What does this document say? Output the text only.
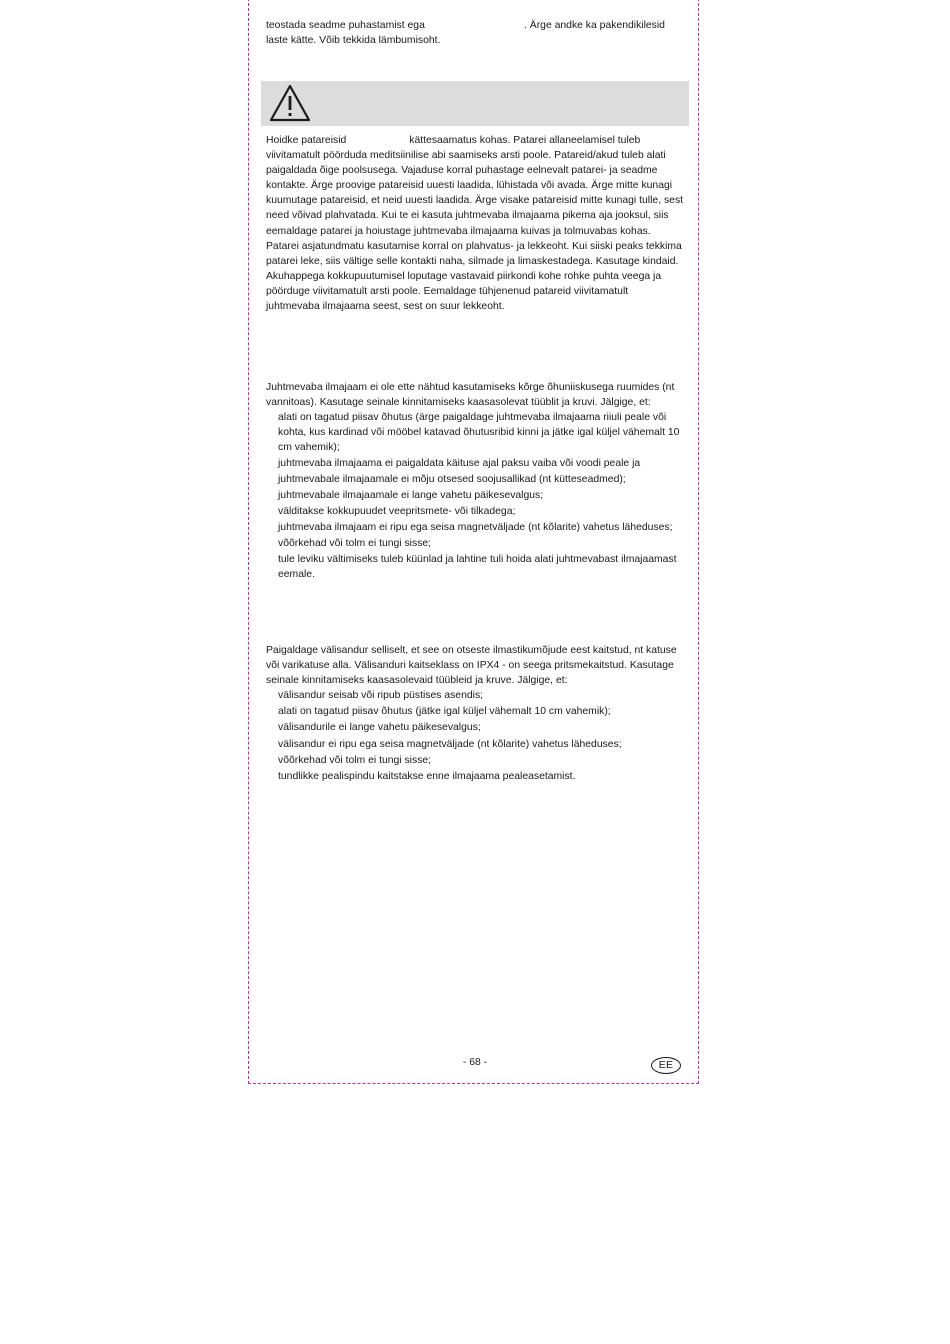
teostada seadme puhastamist ega	. Ärge andke ka pakendikilesid
laste kätte. Võib tekkida lämbumisoht.

Hoidke patareisid	kättesaamatus kohas. Patarei allaneelamisel tuleb viivitamatult pöörduda meditsiinilise abi saamiseks arsti poole. Patareid/akud tuleb alati paigaldada õige poolsusega. Vajaduse korral puhastage eelnevalt patarei- ja seadme kontakte. Ärge proovige patareisid uuesti laadida, lühistada või avada. Ärge mitte kunagi kuumutage patareisid, et neid uuesti laadida. Ärge visake patareisid mitte kunagi tulle, sest need võivad plahvatada. Kui te ei kasuta juhtmevaba ilmajaama pikema aja jooksul, siis eemaldage patarei ja hoiustage juhtmevaba ilmajaama kuivas ja tolmuvabas kohas. Patarei asjatundmatu kasutamise korral on plahvatus- ja lekkeoht. Kui siiski peaks tekkima patarei leke, siis vältige selle kontakti naha, silmade ja limaskestadega. Kasutage kindaid. Akuhappega kokkupuutumisel loputage vastavaid piirkondi kohe rohke puhta veega ja pöörduge viivitamatult arsti poole. Eemaldage tühjenenud patareid viivitamatult juhtmevaba ilmajaama seest, sest on suur lekkeoht.

Juhtmevaba ilmajaam ei ole ette nähtud kasutamiseks kõrge õhuniiskusega ruumides (nt vannitoas). Kasutage seinale kinnitamiseks kaasasolevat tüüblit ja kruvi. Jälgige, et:
alati on tagatud piisav õhutus (ärge paigaldage juhtmevaba ilmajaama riiuli peale või kohta, kus kardinad või mööbel katavad õhutusribid kinni ja jätke igal küljel vähemalt 10 cm vahemik);
juhtmevaba ilmajaama ei paigaldata käituse ajal paksu vaiba või voodi peale ja juhtmevabale ilmajaamale ei mõju otsesed soojusallikad (nt kütteseadmed);
juhtmevabale ilmajaamale ei lange vahetu päikesevalgus;
välditakse kokkupuudet veepritsmete- või tilkadega;
juhtmevaba ilmajaam ei ripu ega seisa magnetväljade (nt kõlarite) vahetus läheduses;
võõrkehad või tolm ei tungi sisse;
tule leviku vältimiseks tuleb küünlad ja lahtine tuli hoida alati juhtmevabast ilmajaamast eemale.
Paigaldage välisandur selliselt, et see on otseste ilmastikumõjude eest kaitstud, nt katuse või varikatuse alla. Välisanduri kaitseklass on IPX4 - on seega pritsmekaitstud. Kasutage seinale kinnitamiseks kaasasolevaid tüübleid ja kruve. Jälgige, et:
välisandur seisab või ripub püstises asendis;
alati on tagatud piisav õhutus (jätke igal küljel vähemalt 10 cm vahemik);
välisandurile ei lange vahetu päikesevalgus;
välisandur ei ripu ega seisa magnetväljade (nt kõlarite) vahetus läheduses;
võõrkehad või tolm ei tungi sisse;
tundlikke pealispindu kaitstakse enne ilmajaama pealeasetamist.
- 68 -	EE
